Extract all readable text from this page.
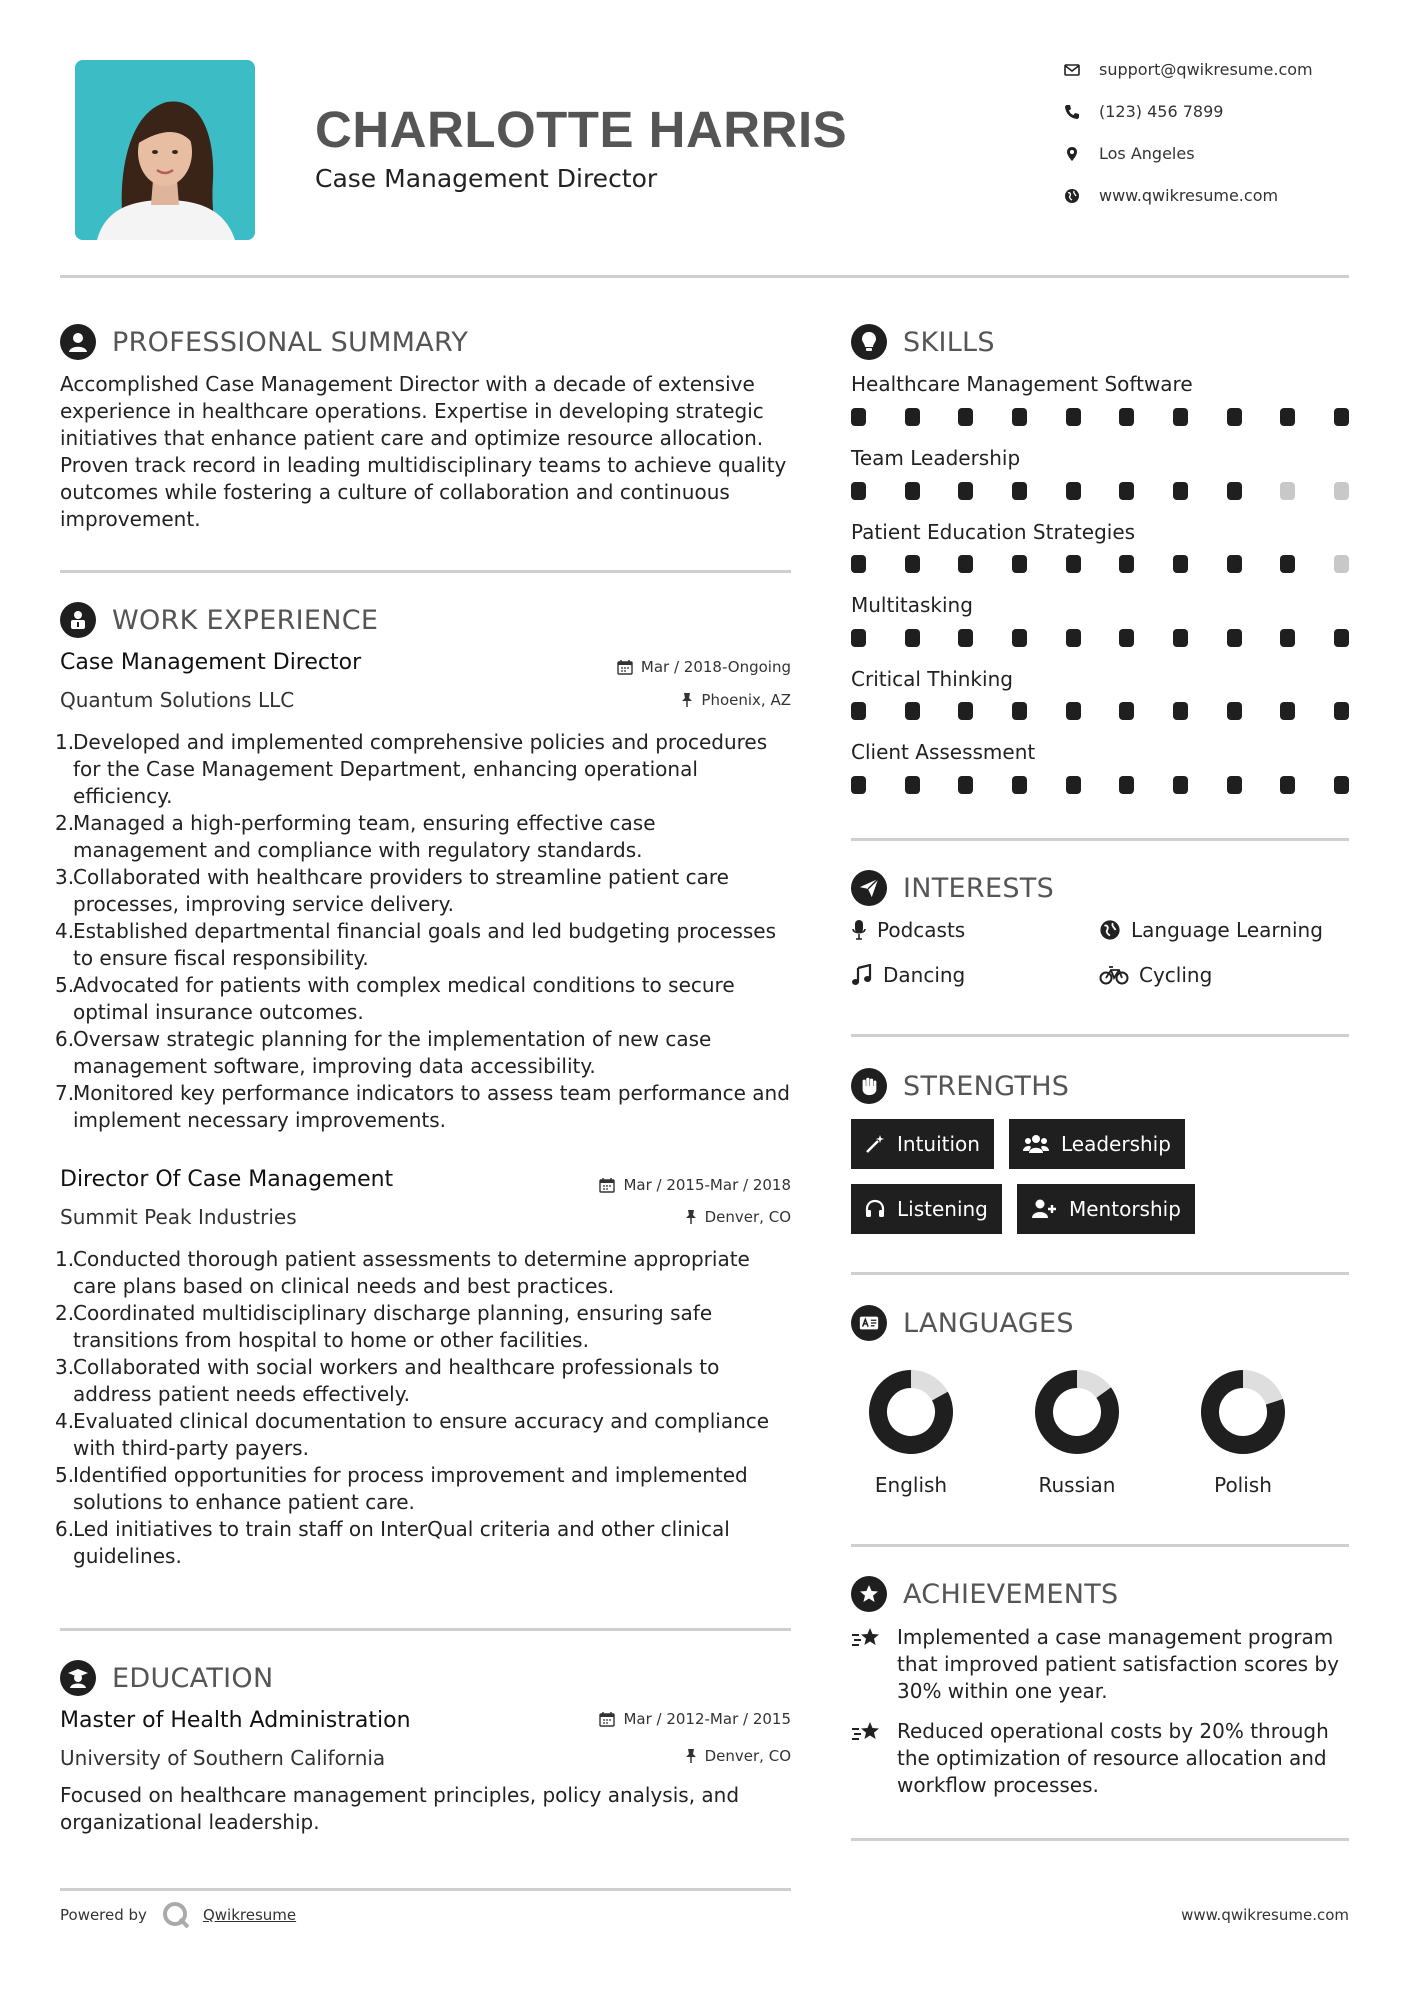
CHARLOTTE HARRIS
Case Management Director
support@qwikresume.com
(123) 456 7899
Los Angeles
www.qwikresume.com
PROFESSIONAL SUMMARY
Accomplished Case Management Director with a decade of extensive experience in healthcare operations. Expertise in developing strategic initiatives that enhance patient care and optimize resource allocation. Proven track record in leading multidisciplinary teams to achieve quality outcomes while fostering a culture of collaboration and continuous improvement.
WORK EXPERIENCE
Case Management Director	Mar / 2018-Ongoing
Quantum Solutions LLC	Phoenix, AZ
1.
Developed and implemented comprehensive policies and procedures for the Case Management Department, enhancing operational efficiency.
2.
Managed a high-performing team, ensuring effective case management and compliance with regulatory standards.
3.
Collaborated with healthcare providers to streamline patient care processes, improving service delivery.
4.
Established departmental financial goals and led budgeting processes to ensure fiscal responsibility.
5.
Advocated for patients with complex medical conditions to secure optimal insurance outcomes.
6.
Oversaw strategic planning for the implementation of new case management software, improving data accessibility.
7.
Monitored key performance indicators to assess team performance and implement necessary improvements.
Director Of Case Management	Mar / 2015-Mar / 2018
Summit Peak Industries	Denver, CO
1.
Conducted thorough patient assessments to determine appropriate care plans based on clinical needs and best practices.
2.
Coordinated multidisciplinary discharge planning, ensuring safe transitions from hospital to home or other facilities.
3.
Collaborated with social workers and healthcare professionals to address patient needs effectively.
4.
Evaluated clinical documentation to ensure accuracy and compliance with third-party payers.
5.
Identified opportunities for process improvement and implemented solutions to enhance patient care.
6.
Led initiatives to train staff on InterQual criteria and other clinical guidelines.
EDUCATION
Master of Health Administration	Mar / 2012-Mar / 2015
University of Southern California	Denver, CO
Focused on healthcare management principles, policy analysis, and organizational leadership.
SKILLS
Healthcare Management Software
Team Leadership
Patient Education Strategies
Multitasking
Critical Thinking
Client Assessment
INTERESTS
Podcasts	Language Learning
Dancing	Cycling
STRENGTHS
Intuition	Leadership
Listening	Mentorship
LANGUAGES
English	Russian	Polish
ACHIEVEMENTS
Implemented a case management program that improved patient satisfaction scores by 30% within one year.
Reduced operational costs by 20% through the optimization of resource allocation and workflow processes.
Powered by	Qwikresume	www.qwikresume.com
